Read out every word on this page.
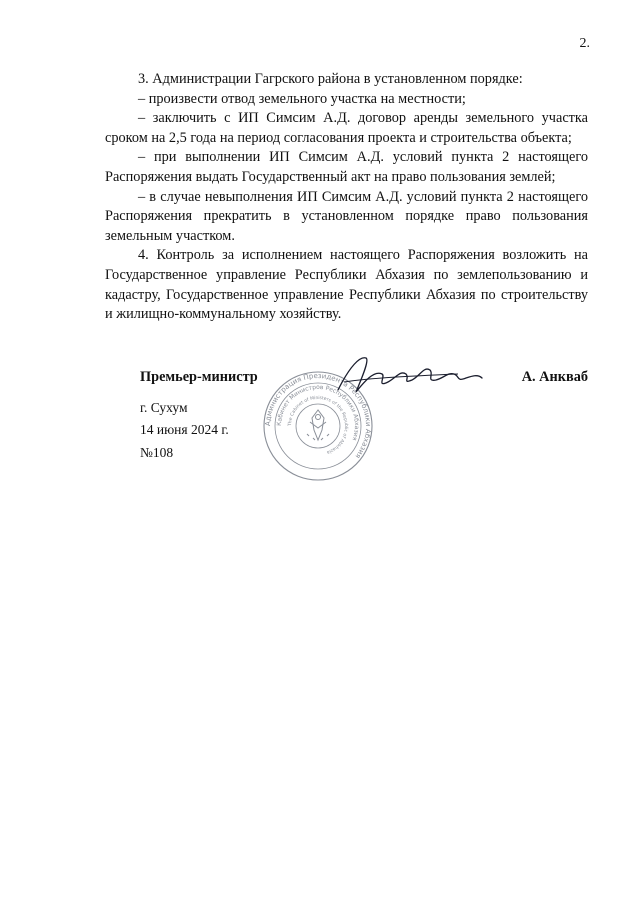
2.

3. Администрации Гагрского района в установленном порядке:

– произвести отвод земельного участка на местности;

– заключить с ИП Симсим А.Д. договор аренды земельного участка сроком на 2,5 года на период согласования проекта и строительства объекта;

– при выполнении ИП Симсим А.Д. условий пункта 2 настоящего Распоряжения выдать Государственный акт на право пользования землей;

– в случае невыполнения ИП Симсим А.Д. условий пункта 2 настоящего Распоряжения прекратить в установленном порядке право пользования земельным участком.

4. Контроль за исполнением настоящего Распоряжения возложить на Государственное управление Республики Абхазия по землепользованию и кадастру, Государственное управление Республики Абхазия по строительству и жилищно-коммунальному хозяйству.

Премьер-министр	А. Анкваб
Администрация Президента Республики Абхазия
Кабинет Министров Республики Абхазия
The Cabinet of Ministers of the Republic of Abkhazia
г. Сухум
14 июня 2024 г.
№108
